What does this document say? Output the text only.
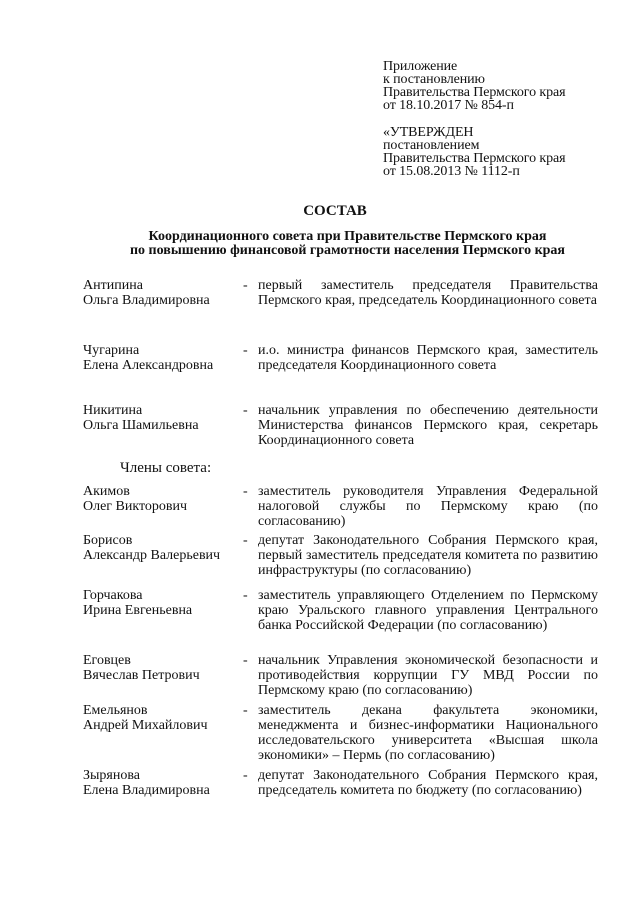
Приложение
к постановлению
Правительства Пермского края
от 18.10.2017 № 854-п
«УТВЕРЖДЕН
постановлением
Правительства Пермского края
от 15.08.2013 № 1112-п
СОСТАВ
Координационного совета при Правительстве Пермского края
по повышению финансовой грамотности населения Пермского края
Антипина
Ольга Владимировна
- первый заместитель председателя Правительства Пермского края, председатель Координационного совета
Чугарина
Елена Александровна
- и.о. министра финансов Пермского края, заместитель председателя Координационного совета
Никитина
Ольга Шамильевна
- начальник управления по обеспечению деятельности Министерства финансов Пермского края, секретарь Координационного совета
Члены совета:
Акимов
Олег Викторович
- заместитель руководителя Управления Федеральной налоговой службы по Пермскому краю (по согласованию)
Борисов
Александр Валерьевич
- депутат Законодательного Собрания Пермского края, первый заместитель председателя комитета по развитию инфраструктуры (по согласованию)
Горчакова
Ирина Евгеньевна
- заместитель управляющего Отделением по Пермскому краю Уральского главного управления Центрального банка Российской Федерации (по согласованию)
Еговцев
Вячеслав Петрович
- начальник Управления экономической безопасности и противодействия коррупции ГУ МВД России по Пермскому краю (по согласованию)
Емельянов
Андрей Михайлович
- заместитель декана факультета экономики, менеджмента и бизнес-информатики Национального исследовательского университета «Высшая школа экономики» – Пермь (по согласованию)
Зырянова
Елена Владимировна
- депутат Законодательного Собрания Пермского края, председатель комитета по бюджету (по согласованию)
